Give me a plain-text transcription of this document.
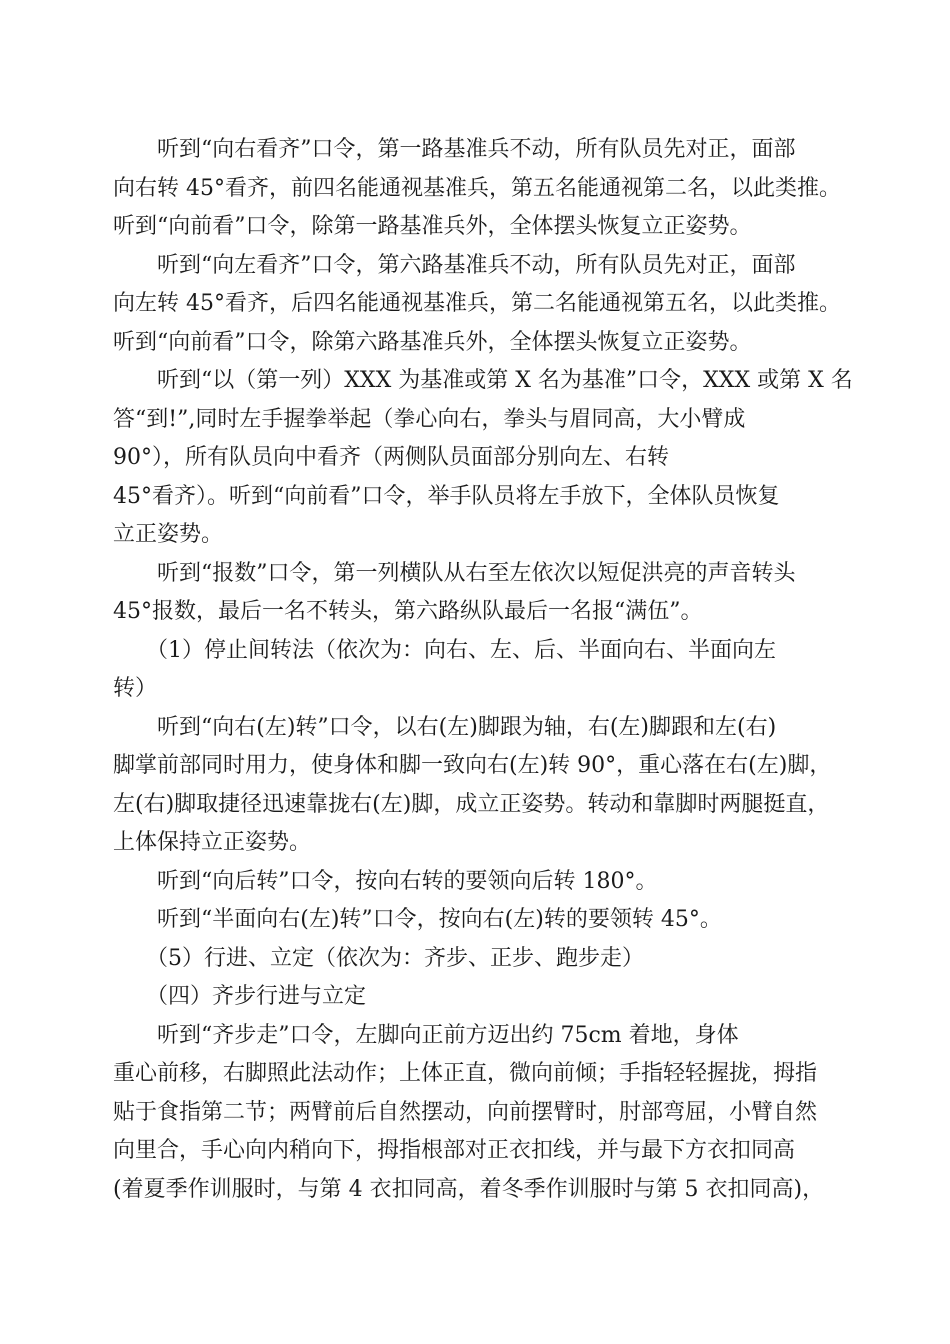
　　听到“向右看齐”口令，第一路基准兵不动，所有队员先对正，面部
向右转 45°看齐，前四名能通视基准兵，第五名能通视第二名，以此类推。
听到“向前看”口令，除第一路基准兵外，全体摆头恢复立正姿势。
　　听到“向左看齐”口令，第六路基准兵不动，所有队员先对正，面部
向左转 45°看齐，后四名能通视基准兵，第二名能通视第五名，以此类推。
听到“向前看”口令，除第六路基准兵外，全体摆头恢复立正姿势。
　　听到“以（第一列）XXX 为基准或第 X 名为基准”口令，XXX 或第 X 名
答“到!”,同时左手握拳举起（拳心向右，拳头与眉同高，大小臂成
90°），所有队员向中看齐（两侧队员面部分别向左、右转
45°看齐）。听到“向前看”口令，举手队员将左手放下，全体队员恢复
立正姿势。
　　听到“报数”口令，第一列横队从右至左依次以短促洪亮的声音转头
45°报数，最后一名不转头，第六路纵队最后一名报“满伍”。
　　（1）停止间转法（依次为：向右、左、后、半面向右、半面向左
转）
　　听到“向右(左)转”口令，以右(左)脚跟为轴，右(左)脚跟和左(右)
脚掌前部同时用力，使身体和脚一致向右(左)转 90°，重心落在右(左)脚，
左(右)脚取捷径迅速靠拢右(左)脚，成立正姿势。转动和靠脚时两腿挺直，
上体保持立正姿势。
　　听到“向后转”口令，按向右转的要领向后转 180°。
　　听到“半面向右(左)转”口令，按向右(左)转的要领转 45°。
　　（5）行进、立定（依次为：齐步、正步、跑步走）
　　（四）齐步行进与立定
　　听到“齐步走”口令，左脚向正前方迈出约 75cm 着地，身体
重心前移，右脚照此法动作；上体正直，微向前倾；手指轻轻握拢，拇指
贴于食指第二节；两臂前后自然摆动，向前摆臂时，肘部弯屈，小臂自然
向里合，手心向内稍向下，拇指根部对正衣扣线，并与最下方衣扣同高
(着夏季作训服时，与第 4 衣扣同高，着冬季作训服时与第 5 衣扣同高)，
